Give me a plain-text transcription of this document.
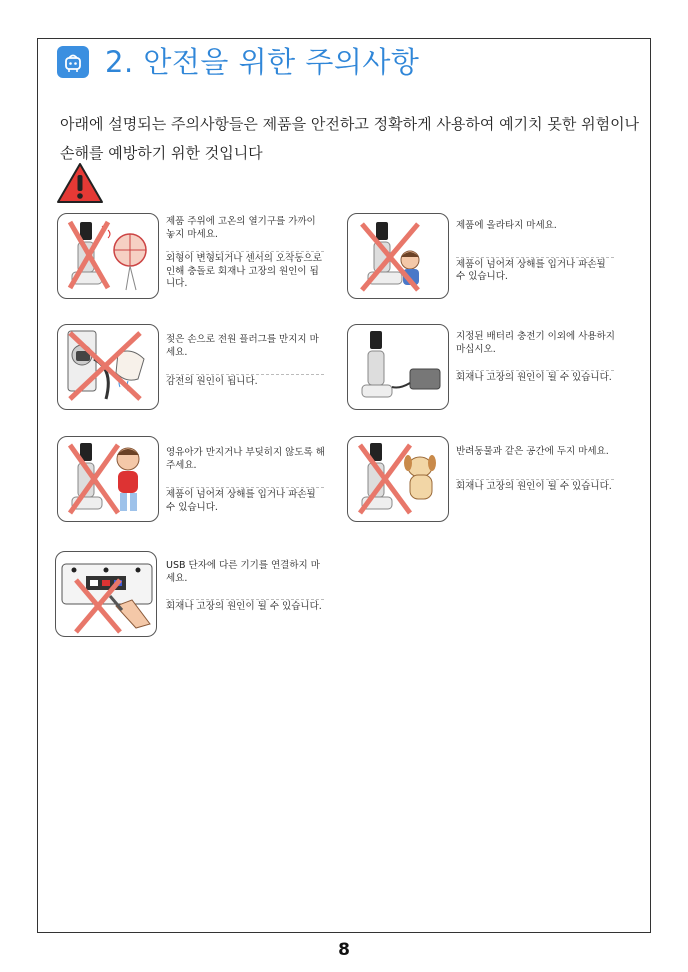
2. 안전을 위한 주의사항
아래에 설명되는 주의사항들은 제품을 안전하고 정확하게 사용하여 예기치 못한 위험이나 손해를 예방하기 위한 것입니다
제품 주위에 고온의 열기구를 가까이 놓지 마세요.
외형이 변형되거나 센서의 오작동으로 인해 충돌로 회재나 고장의 원인이 됩니다.
제품에 올라타지 마세요.
제품이 넘어져 상해를 입거나 파손될 수 있습니다.
젖은 손으로 전원 플러그를 만지지 마세요.
감전의 원인이 됩니다.
지정된 배터리 충전기 이외에 사용하지 마십시오.
회재나 고장의 원인이 될 수 있습니다.
영유아가 만지거나 부딪히지 않도록 해주세요.
제품이 넘어져 상해를 입거나 파손될 수 있습니다.
반려동물과 같은 공간에 두지 마세요.
회재나 고장의 원인이 될 수 있습니다.
USB 단자에 다른 기기를 연결하지 마세요.
회재나 고장의 원인이 될 수 있습니다.
8
